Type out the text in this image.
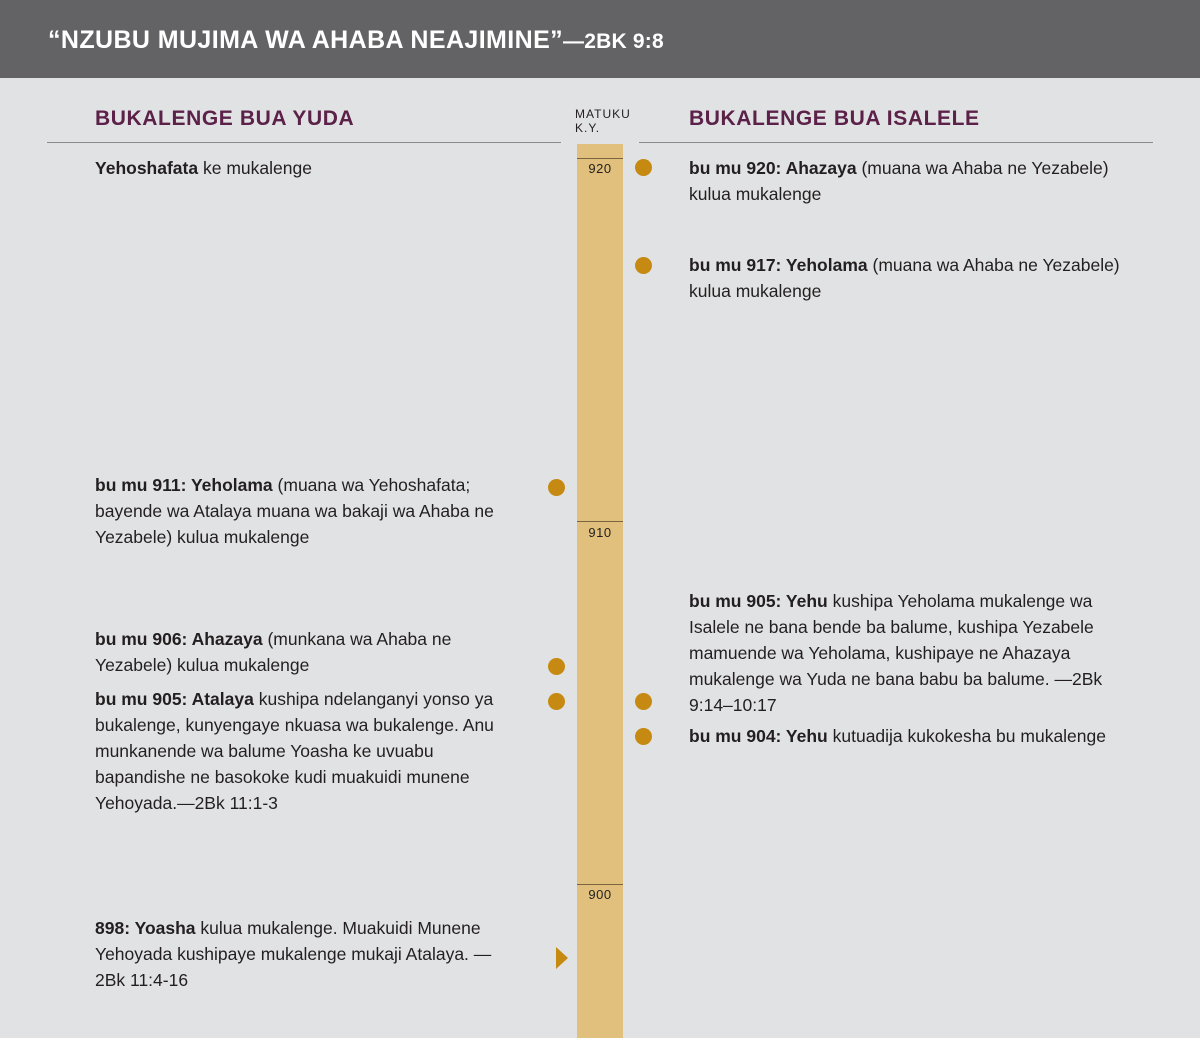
“NZUBU MUJIMA WA AHABA NEAJIMINE”—2BK 9:8
BUKALENGE BUA YUDA	BUKALENGE BUA ISALELE
MATUKU
K.Y.
920
910
900
Yehoshafata ke mukalenge
bu mu 911: Yeholama (muana wa Yehoshafata; bayende wa Atalaya muana wa bakaji wa Ahaba ne Yezabele) kulua mukalenge
bu mu 906: Ahazaya (munkana wa Ahaba ne Yezabele) kulua mukalenge
bu mu 905: Atalaya kushipa ndelanganyi yonso ya bukalenge, kunyengaye nkuasa wa bukalenge. Anu munkanende wa balume Yoasha ke uvuabu bapandishe ne basokoke kudi muakuidi munene Yehoyada.—2Bk 11:1-3
898: Yoasha kulua mukalenge. Muakuidi Munene Yehoyada kushipaye mukalenge mukaji Atalaya. —2Bk 11:4-16
bu mu 920: Ahazaya (muana wa Ahaba ne Yezabele) kulua mukalenge
bu mu 917: Yeholama (muana wa Ahaba ne Yezabele) kulua mukalenge
bu mu 905: Yehu kushipa Yeholama mukalenge wa Isalele ne bana bende ba balume, kushipa Yezabele mamuende wa Yeholama, kushipaye ne Ahazaya mukalenge wa Yuda ne bana babu ba balume. —2Bk 9:14–10:17
bu mu 904: Yehu kutuadija kukokesha bu mukalenge
